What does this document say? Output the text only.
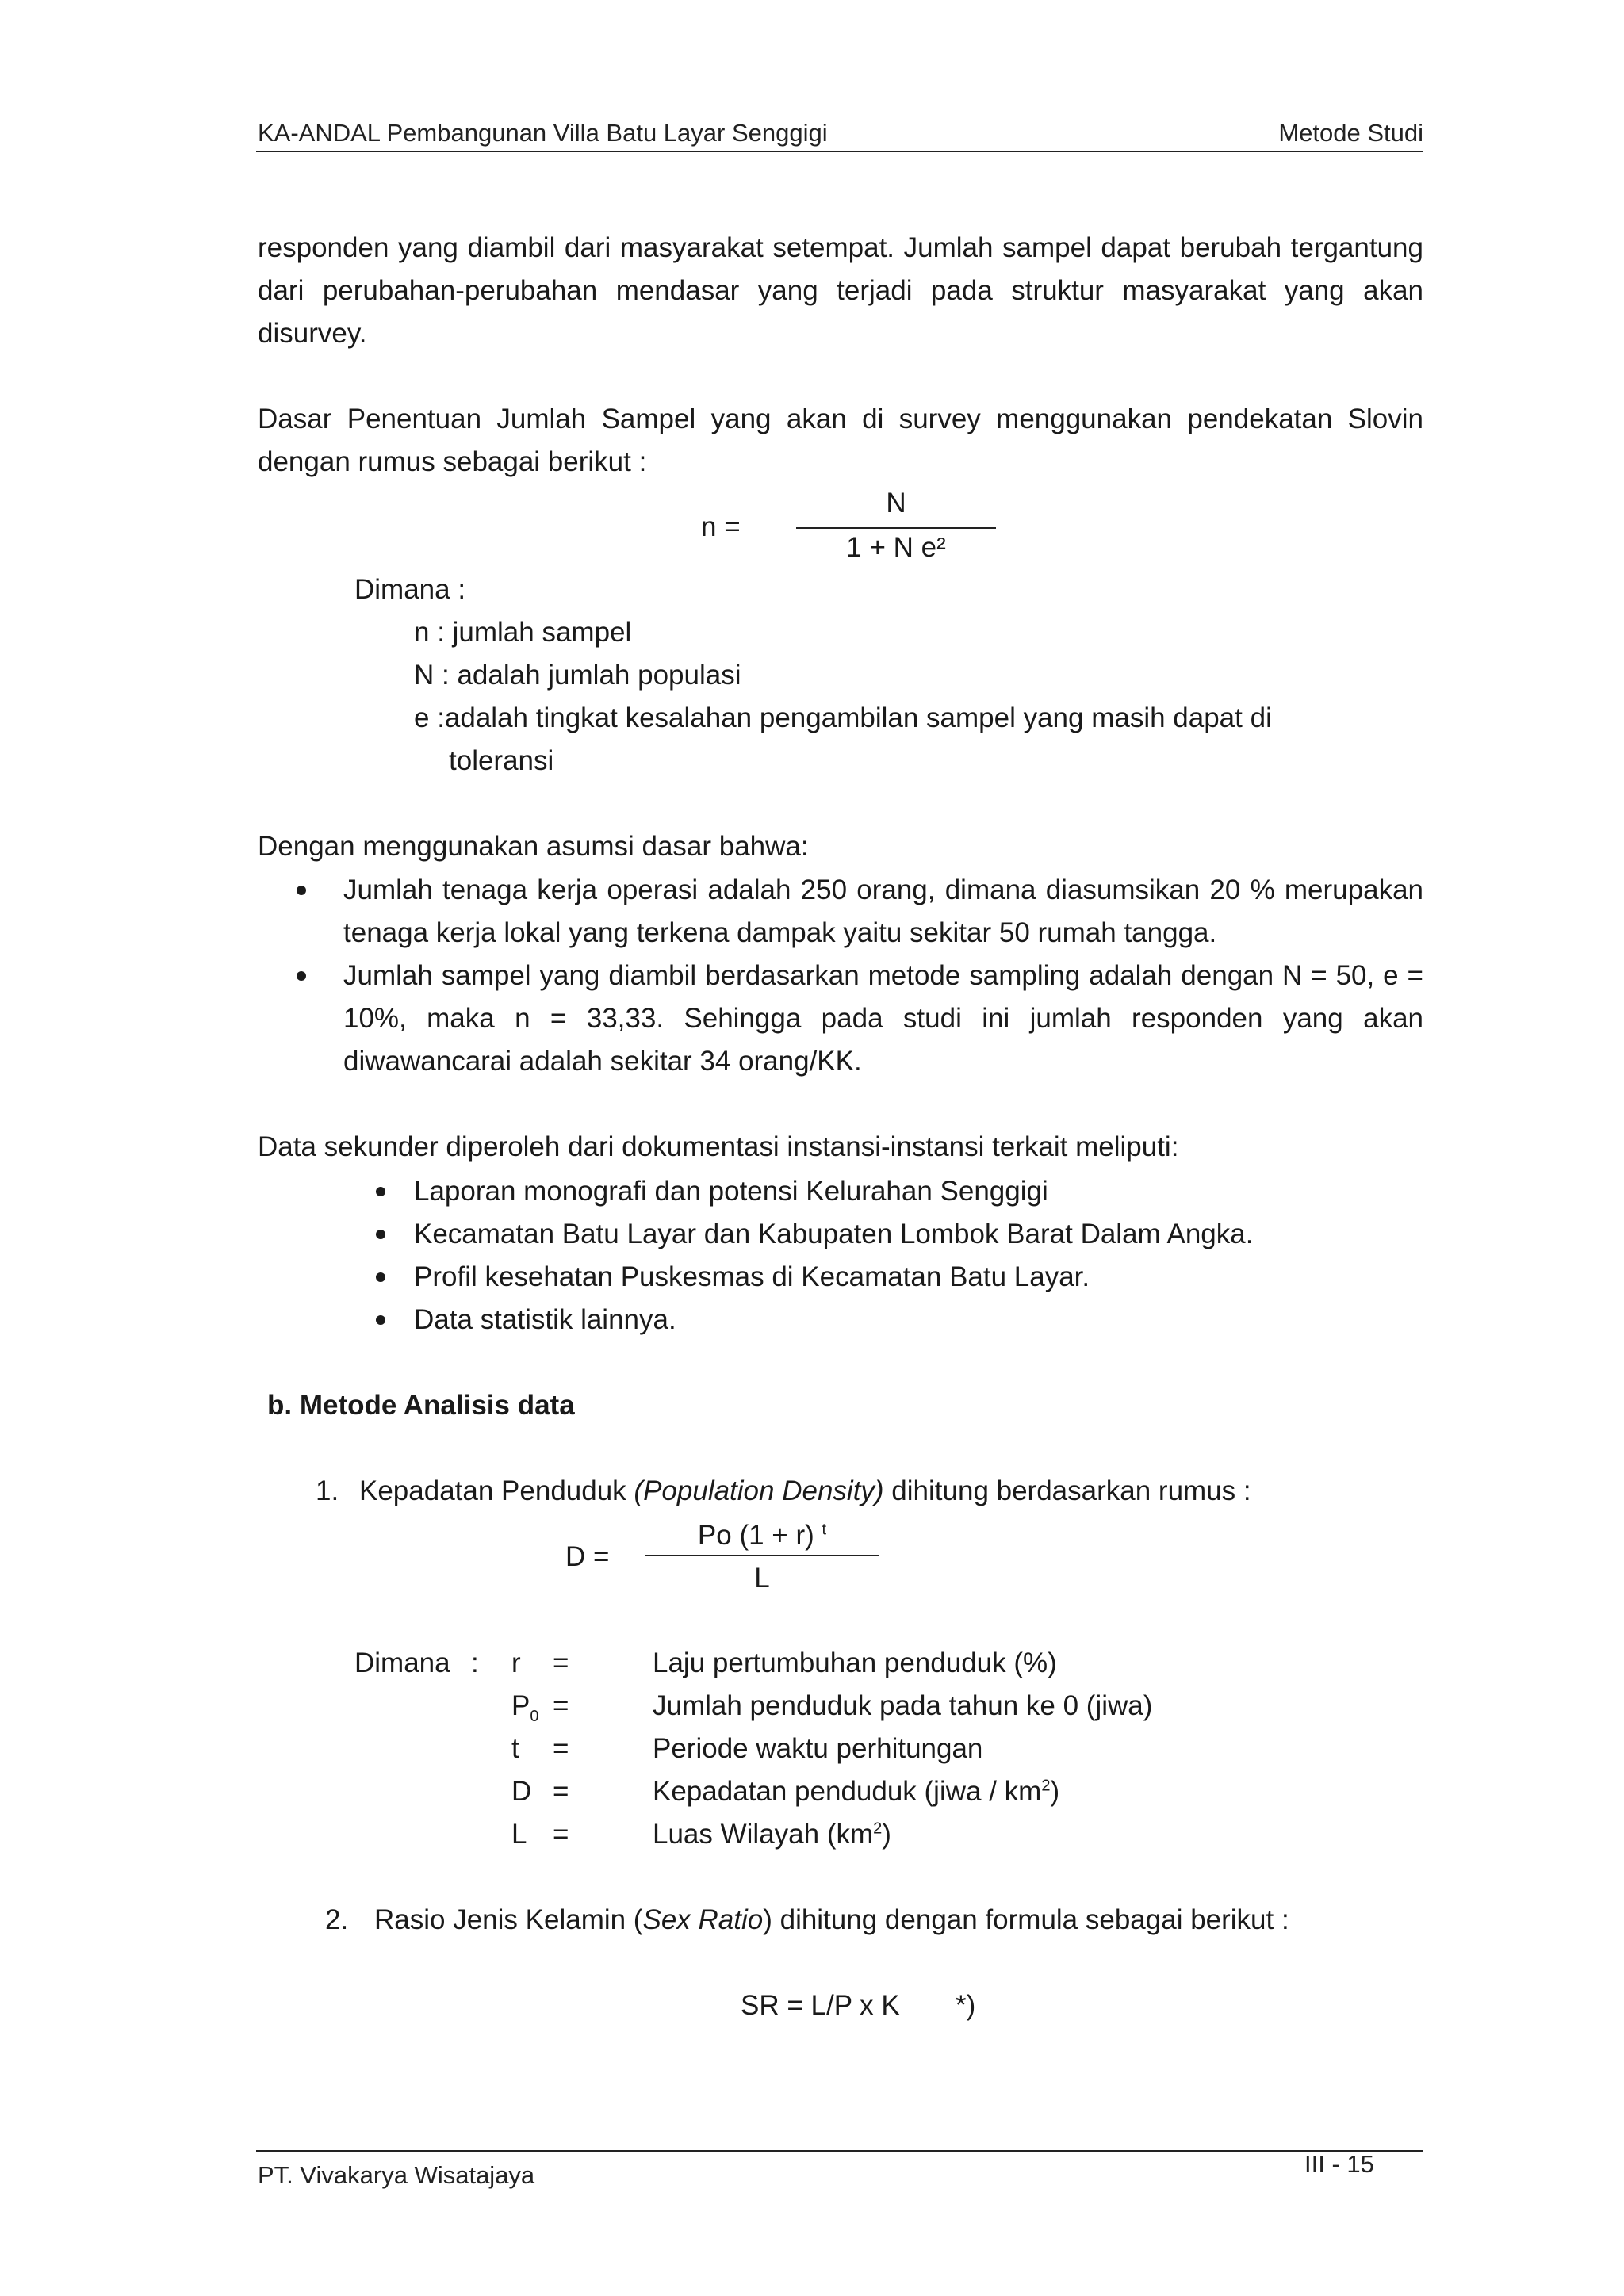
KA-ANDAL Pembangunan Villa Batu Layar Senggigi	Metode Studi
responden yang diambil dari masyarakat setempat. Jumlah sampel dapat berubah tergantung dari perubahan-perubahan mendasar yang terjadi pada struktur masyarakat yang akan disurvey.
Dasar Penentuan Jumlah Sampel yang akan di survey menggunakan pendekatan Slovin dengan rumus sebagai berikut :
n =
N
1 + N e²
Dimana :
n : jumlah sampel
N : adalah jumlah populasi
e :adalah tingkat kesalahan pengambilan sampel yang masih dapat di
toleransi
Dengan menggunakan asumsi dasar bahwa:
Jumlah tenaga kerja operasi adalah 250 orang, dimana diasumsikan 20 % merupakan tenaga kerja lokal yang terkena dampak yaitu sekitar 50 rumah tangga.
Jumlah sampel yang diambil berdasarkan metode sampling adalah dengan N = 50, e = 10%, maka n = 33,33. Sehingga pada studi ini jumlah responden yang akan diwawancarai adalah sekitar 34 orang/KK.
Data sekunder diperoleh dari dokumentasi instansi-instansi terkait meliputi:
Laporan monografi dan potensi Kelurahan Senggigi
Kecamatan Batu Layar dan Kabupaten Lombok Barat Dalam Angka.
Profil kesehatan Puskesmas di Kecamatan Batu Layar.
Data statistik lainnya.
b. Metode Analisis data
1. Kepadatan Penduduk (Population Density) dihitung berdasarkan rumus :
D =
Po (1 + r) $^t$
L
Dimana : r =	Laju pertumbuhan penduduk (%)
$P_0$ =	Jumlah penduduk pada tahun ke 0 (jiwa)
t =	Periode waktu perhitungan
D =	Kepadatan penduduk (jiwa / $km^2$)
L =	Luas Wilayah $(km^2)$
2. Rasio Jenis Kelamin (Sex Ratio) dihitung dengan formula sebagai berikut :
SR = L/P x K *)
PT. Vivakarya Wisatajaya	III - 15
